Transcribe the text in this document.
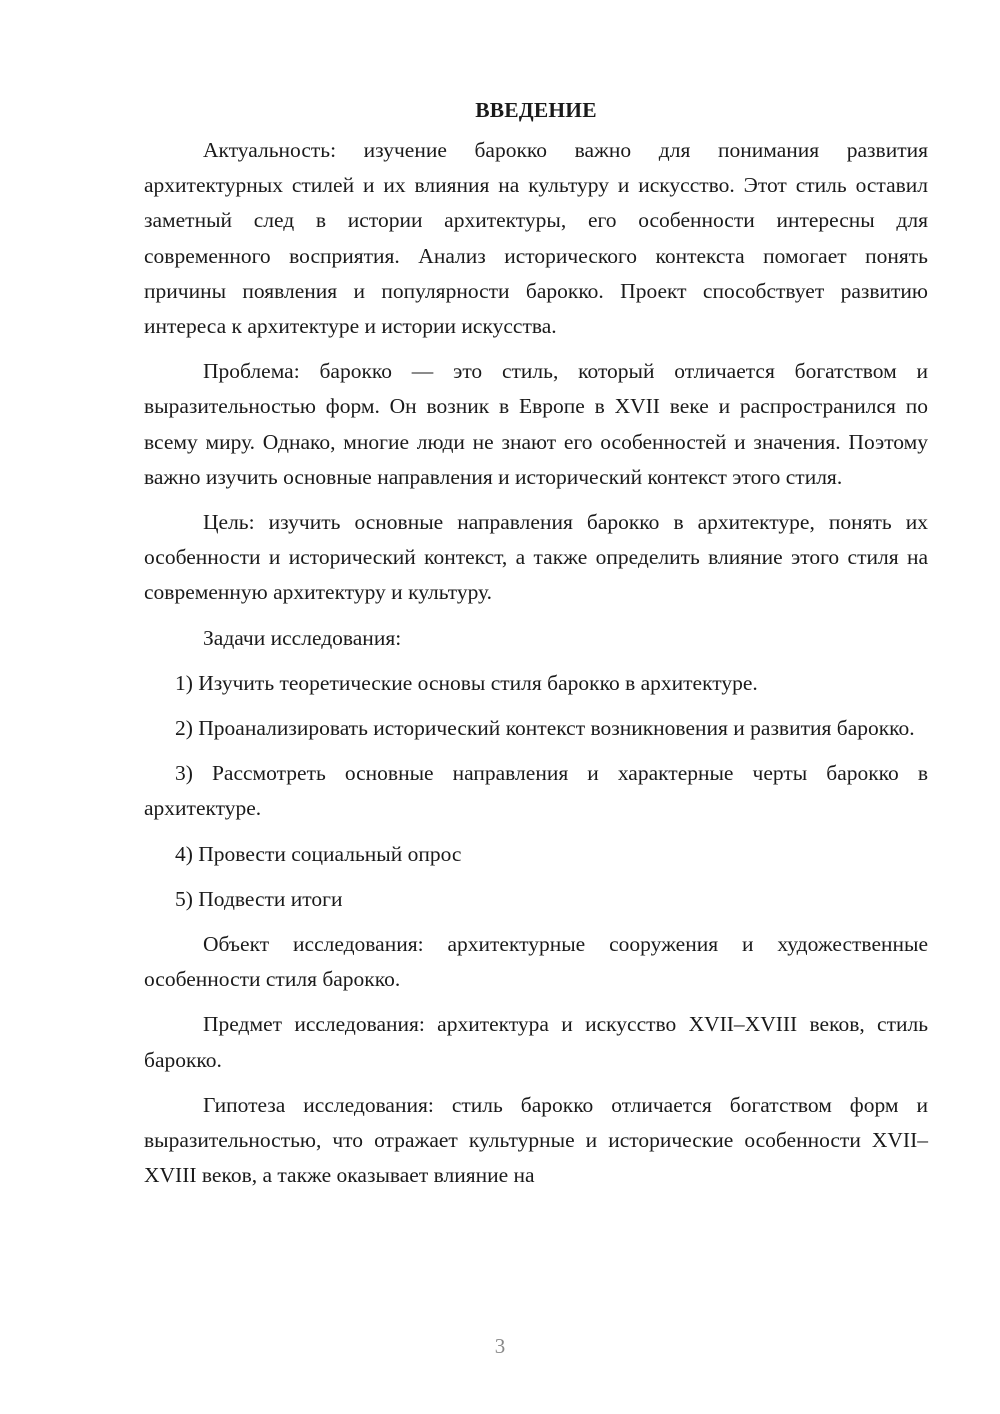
ВВЕДЕНИЕ

Актуальность: изучение барокко важно для понимания развития архитектурных стилей и их влияния на культуру и искусство. Этот стиль оставил заметный след в истории архитектуры, его особенности интересны для современного восприятия. Анализ исторического контекста помогает понять причины появления и популярности барокко. Проект способствует развитию интереса к архитектуре и истории искусства.

Проблема: барокко — это стиль, который отличается богатством и выразительностью форм. Он возник в Европе в XVII веке и распространился по всему миру. Однако, многие люди не знают его особенностей и значения. Поэтому важно изучить основные направления и исторический контекст этого стиля.

Цель: изучить основные направления барокко в архитектуре, понять их особенности и исторический контекст, а также определить влияние этого стиля на современную архитектуру и культуру.

Задачи исследования:

1) Изучить теоретические основы стиля барокко в архитектуре.

2) Проанализировать исторический контекст возникновения и развития барокко.

3) Рассмотреть основные направления и характерные черты барокко в архитектуре.

4) Провести социальный опрос

5) Подвести итоги

Объект исследования: архитектурные сооружения и художественные особенности стиля барокко.

Предмет исследования: архитектура и искусство XVII–XVIII веков, стиль барокко.

Гипотеза исследования: стиль барокко отличается богатством форм и выразительностью, что отражает культурные и исторические особенности XVII–XVIII веков, а также оказывает влияние на

3
